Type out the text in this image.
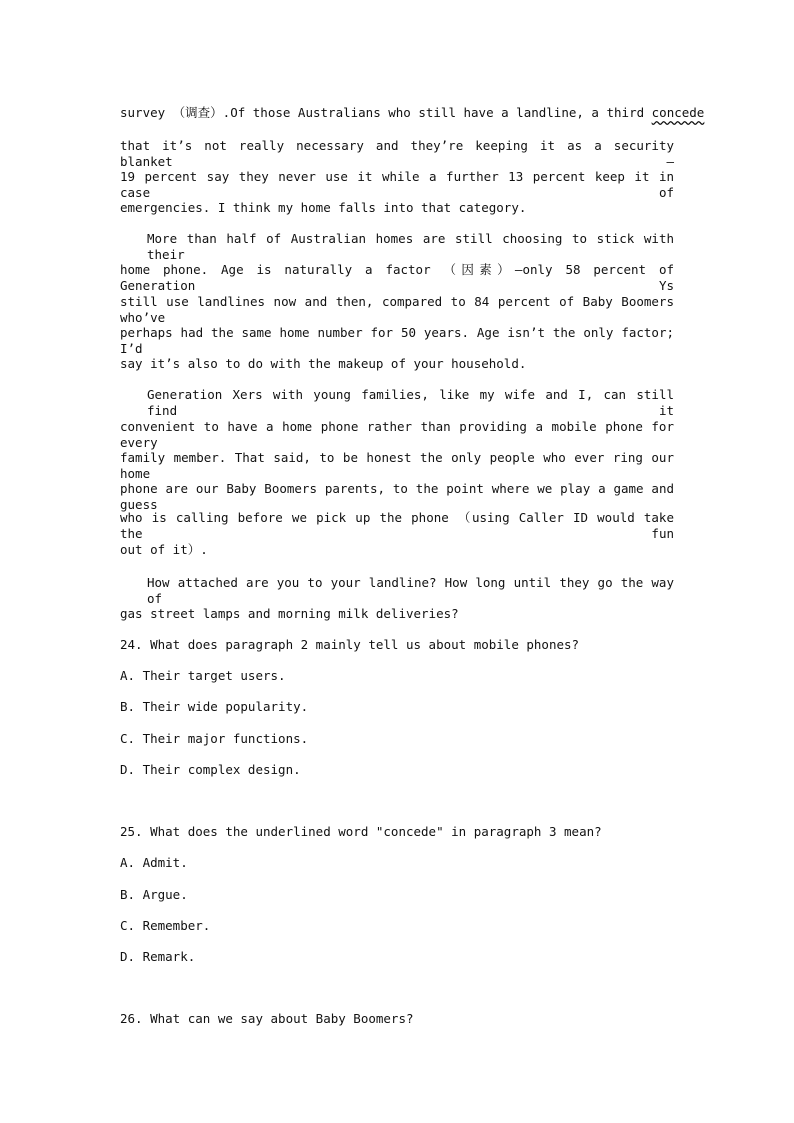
survey （调查）.Of those Australians who still have a landline, a third concede
that it’s not really necessary and they’re keeping it as a security blanket –
19 percent say they never use it while a further 13 percent keep it in case of
emergencies. I think my home falls into that category.
More than half of Australian homes are still choosing to stick with their
home phone. Age is naturally a factor （因素）–only 58 percent of Generation Ys
still use landlines now and then, compared to 84 percent of Baby Boomers who’ve
perhaps had the same home number for 50 years. Age isn’t the only factor; I’d
say it’s also to do with the makeup of your household.
Generation Xers with young families, like my wife and I, can still find it
convenient to have a home phone rather than providing a mobile phone for every
family member. That said, to be honest the only people who ever ring our home
phone are our Baby Boomers parents, to the point where we play a game and guess
who is calling before we pick up the phone （using Caller ID would take the fun
out of it）.
How attached are you to your landline? How long until they go the way of
gas street lamps and morning milk deliveries?
24. What does paragraph 2 mainly tell us about mobile phones?
A. Their target users.
B. Their wide popularity.
C. Their major functions.
D. Their complex design.
25. What does the underlined word "concede" in paragraph 3 mean?
A. Admit.
B. Argue.
C. Remember.
D. Remark.
26. What can we say about Baby Boomers?
